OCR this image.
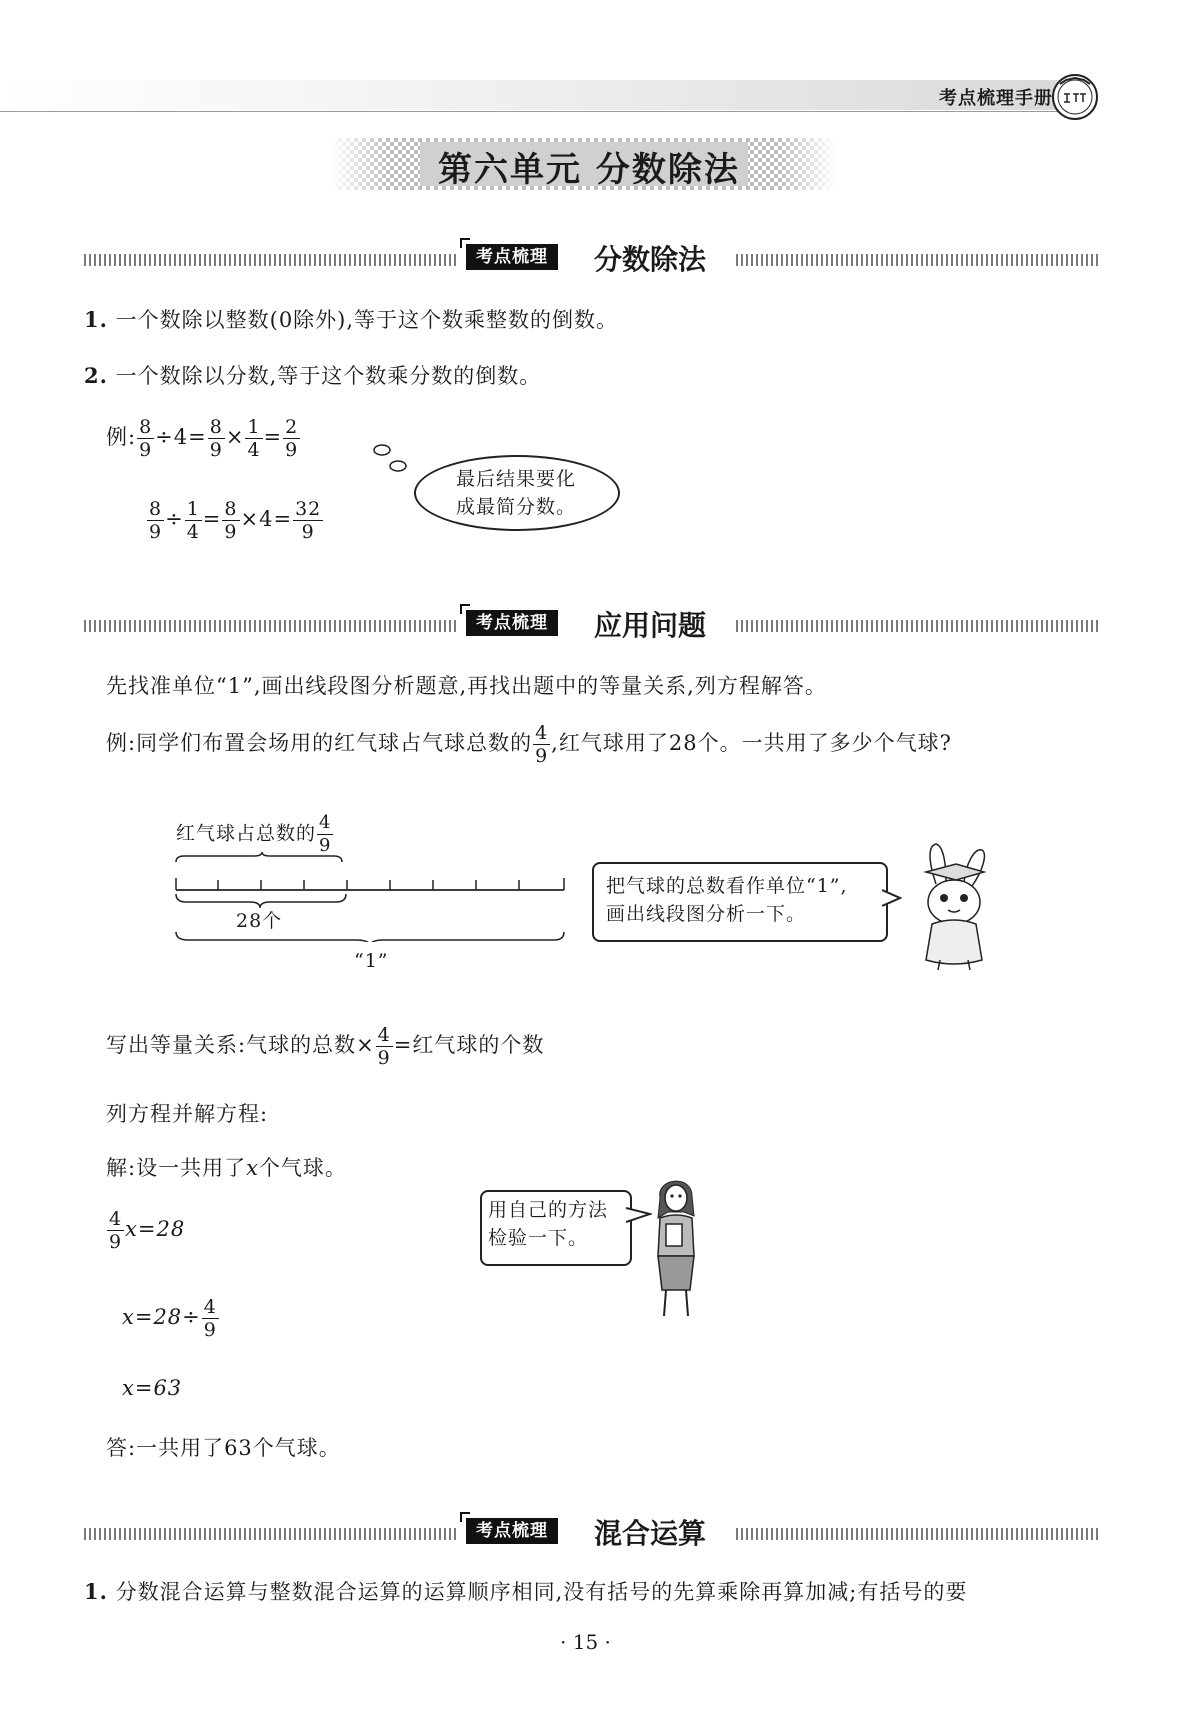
考点梳理手册
第六单元 分数除法
考点梳理	分数除法
1. 一个数除以整数(0除外),等于这个数乘整数的倒数。
2. 一个数除以分数,等于这个数乘分数的倒数。
例: $\frac{8}{9} \div 4= \frac{8}{9} \times \frac{1}{4} = \frac{2}{9}$
$\frac{8}{9} \div \frac{1}{4} = \frac{8}{9} \times 4= \frac{32}{9}$
最后结果要化
成最简分数。
考点梳理	应用问题
先找准单位“1”,画出线段图分析题意,再找出题中的等量关系,列方程解答。
例:同学们布置会场用的红气球占气球总数的 $\frac{4}{9}$ ,红气球用了28个。一共用了多少个气球?
红气球占总数的 $\frac{4}{9}$
28个
“1”
把气球的总数看作单位“1”,
画出线段图分析一下。
写出等量关系:气球的总数× $\frac{4}{9}$ =红气球的个数
列方程并解方程:
解:设一共用了x个气球。
$\frac{4}{9} x=28$
$x=28\div \frac{4}{9}$
x=63
答:一共用了63个气球。
用自己的方法
检验一下。
考点梳理	混合运算
1. 分数混合运算与整数混合运算的运算顺序相同,没有括号的先算乘除再算加减;有括号的要
· 15 ·
